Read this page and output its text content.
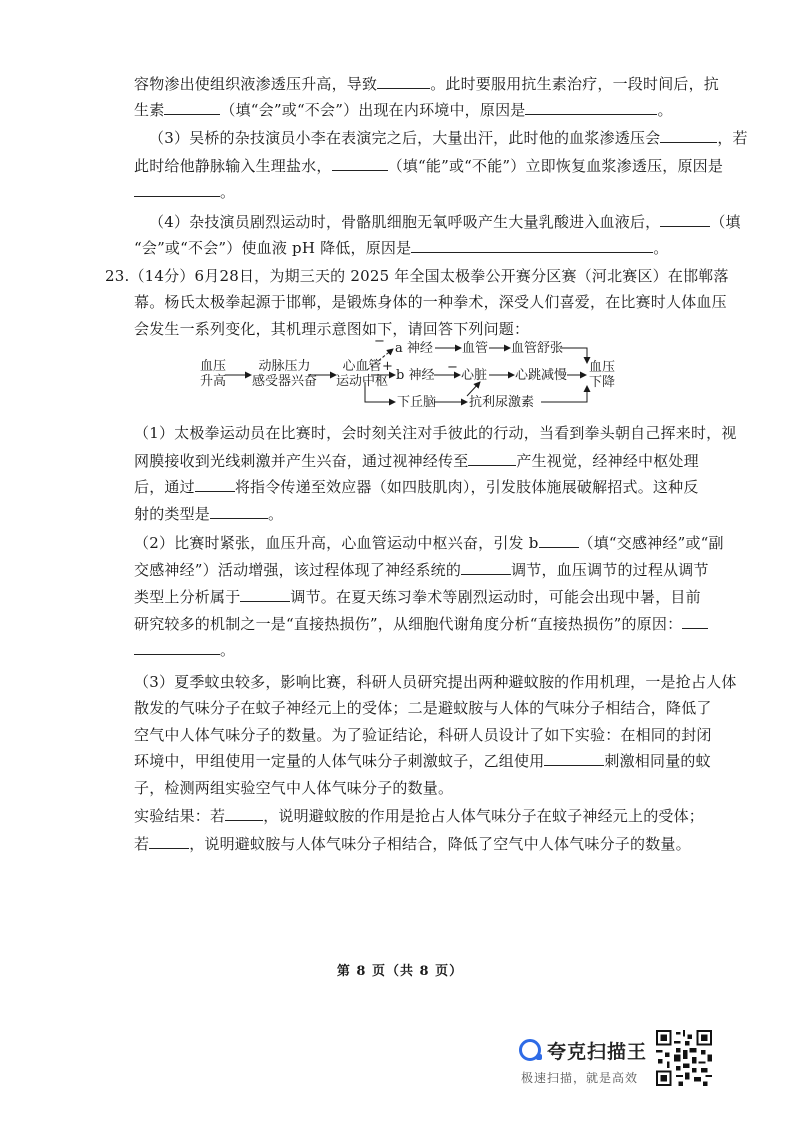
容物渗出使组织液渗透压升高，导致	。此时要服用抗生素治疗，一段时间后，抗
生素	（填“会”或“不会”）出现在内环境中，原因是	。
（3）吴桥的杂技演员小李在表演完之后，大量出汗，此时他的血浆渗透压会	，若
此时给他静脉输入生理盐水，	（填“能”或“不能”）立即恢复血浆渗透压，原因是
。
（4）杂技演员剧烈运动时，骨骼肌细胞无氧呼吸产生大量乳酸进入血液后，	（填
“会”或“不会”）使血液 pH 降低，原因是	。
23.（14分）6月28日，为期三天的 2025 年全国太极拳公开赛分区赛（河北赛区）在邯郸落
幕。杨氏太极拳起源于邯郸，是锻炼身体的一种拳术，深受人们喜爱，在比赛时人体血压
会发生一系列变化，其机理示意图如下，请回答下列问题：
（1）太极拳运动员在比赛时，会时刻关注对手彼此的行动，当看到拳头朝自己挥来时，视
网膜接收到光线刺激并产生兴奋，通过视神经传至	产生视觉，经神经中枢处理
后，通过	将指令传递至效应器（如四肢肌肉），引发肢体施展破解招式。这种反
射的类型是	。
（2）比赛时紧张，血压升高，心血管运动中枢兴奋，引发 b	（填“交感神经”或“副
交感神经”）活动增强，该过程体现了神经系统的	调节，血压调节的过程从调节
类型上分析属于	调节。在夏天练习拳术等剧烈运动时，可能会出现中暑，目前
研究较多的机制之一是“直接热损伤”，从细胞代谢角度分析“直接热损伤”的原因：
。
（3）夏季蚊虫较多，影响比赛，科研人员研究提出两种避蚊胺的作用机理，一是抢占人体
散发的气味分子在蚊子神经元上的受体；二是避蚊胺与人体的气味分子相结合，降低了
空气中人体气味分子的数量。为了验证结论，科研人员设计了如下实验：在相同的封闭
环境中，甲组使用一定量的人体气味分子刺激蚊子，乙组使用	刺激相同量的蚊
子，检测两组实验空气中人体气味分子的数量。
实验结果：若	，说明避蚊胺的作用是抢占人体气味分子在蚊子神经元上的受体；
若	，说明避蚊胺与人体气味分子相结合，降低了空气中人体气味分子的数量。
血压
升高
动脉压力
感受器兴奋
心血管
运动中枢
−
+
a 神经
b 神经
下丘脑
血管
−
心脏
抗利尿激素
血管舒张
心跳减慢
血压
下降
第 8 页（共 8 页）
夸克扫描王
极速扫描，就是高效
